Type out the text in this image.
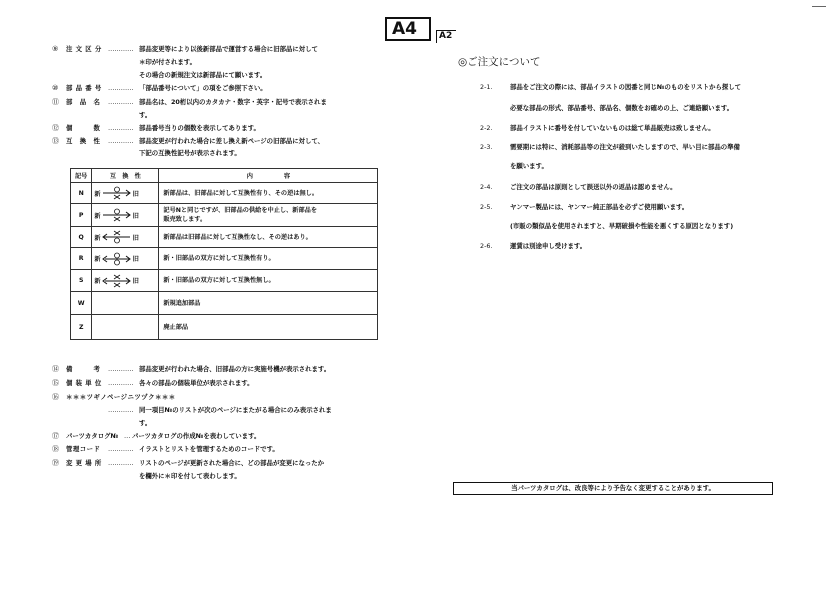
A4	A2
⑨ 注 文 区 分 ………… 部品変更等により以後新部品で運営する場合に旧部品に対して
＊印が付されます。
その場合の新規注文は新部品にて願います。
⑩ 部 品 番 号 ………… 「部品番号について」の項をご参照下さい。
⑪ 部　品　名 ………… 部品名は、20桁以内のカタカナ・数字・英字・記号で表示されま
す。
⑫ 個　　　数 ………… 部品番号当りの個数を表示してあります。
⑬ 互　換　性 ………… 部品変更が行われた場合に差し換え新ページの旧部品に対して、
下記の互換性記号が表示されます。
記号	互　換　性	内　　　　　容
N	新 旧	新部品は、旧部品に対して互換性有り、その逆は無し。
P	新 旧	記号Nと同じですが、旧部品の供給を中止し、新部品を
販売致します。
Q	新 旧	新部品は旧部品に対して互換性なし、その逆はあり。
R	新 旧	新・旧部品の双方に対して互換性有り。
S	新 旧	新・旧部品の双方に対して互換性無し。
W		新規追加部品
Z		廃止部品
⑭ 備　　　考 ………… 部品変更が行われた場合、旧部品の方に実施号機が表示されます。
⑮ 個 装 単 位 ………… 各々の部品の個装単位が表示されます。
⑯ ＊＊＊ツギノページニツヅク＊＊＊
………… 同一項目№のリストが次のページにまたがる場合にのみ表示されま
す。
⑰ パーツカタログ№ … パーツカタログの作成№を表わしています。
⑱ 管理コード ………… イラストとリストを管理するためのコードです。
⑲ 変 更 場 所 ………… リストのページが更新された場合に、どの部品が変更になったか
を欄外に＊印を付して表わします。
◎ご注文について
2-1.	部品をご注文の際には、部品イラストの図番と同じ№のものをリストから探して
必要な部品の形式、部品番号、部品名、個数をお確めの上、ご連絡願います。
2-2.	部品イラストに番号を付していないものは総て単品販売は致しません。
2-3.	需要期には特に、消耗部品等の注文が殺到いたしますので、早い目に部品の準備
を願います。
2-4.	ご注文の部品は原則として誤送以外の返品は認めません。
2-5.	ヤンマー製品には、ヤンマー純正部品を必ずご使用願います。
(市販の類似品を使用されますと、早期破損や性能を悪くする原因となります)
2-6.	運賃は別途申し受けます。
当パーツカタログは、改良等により予告なく変更することがあります。
